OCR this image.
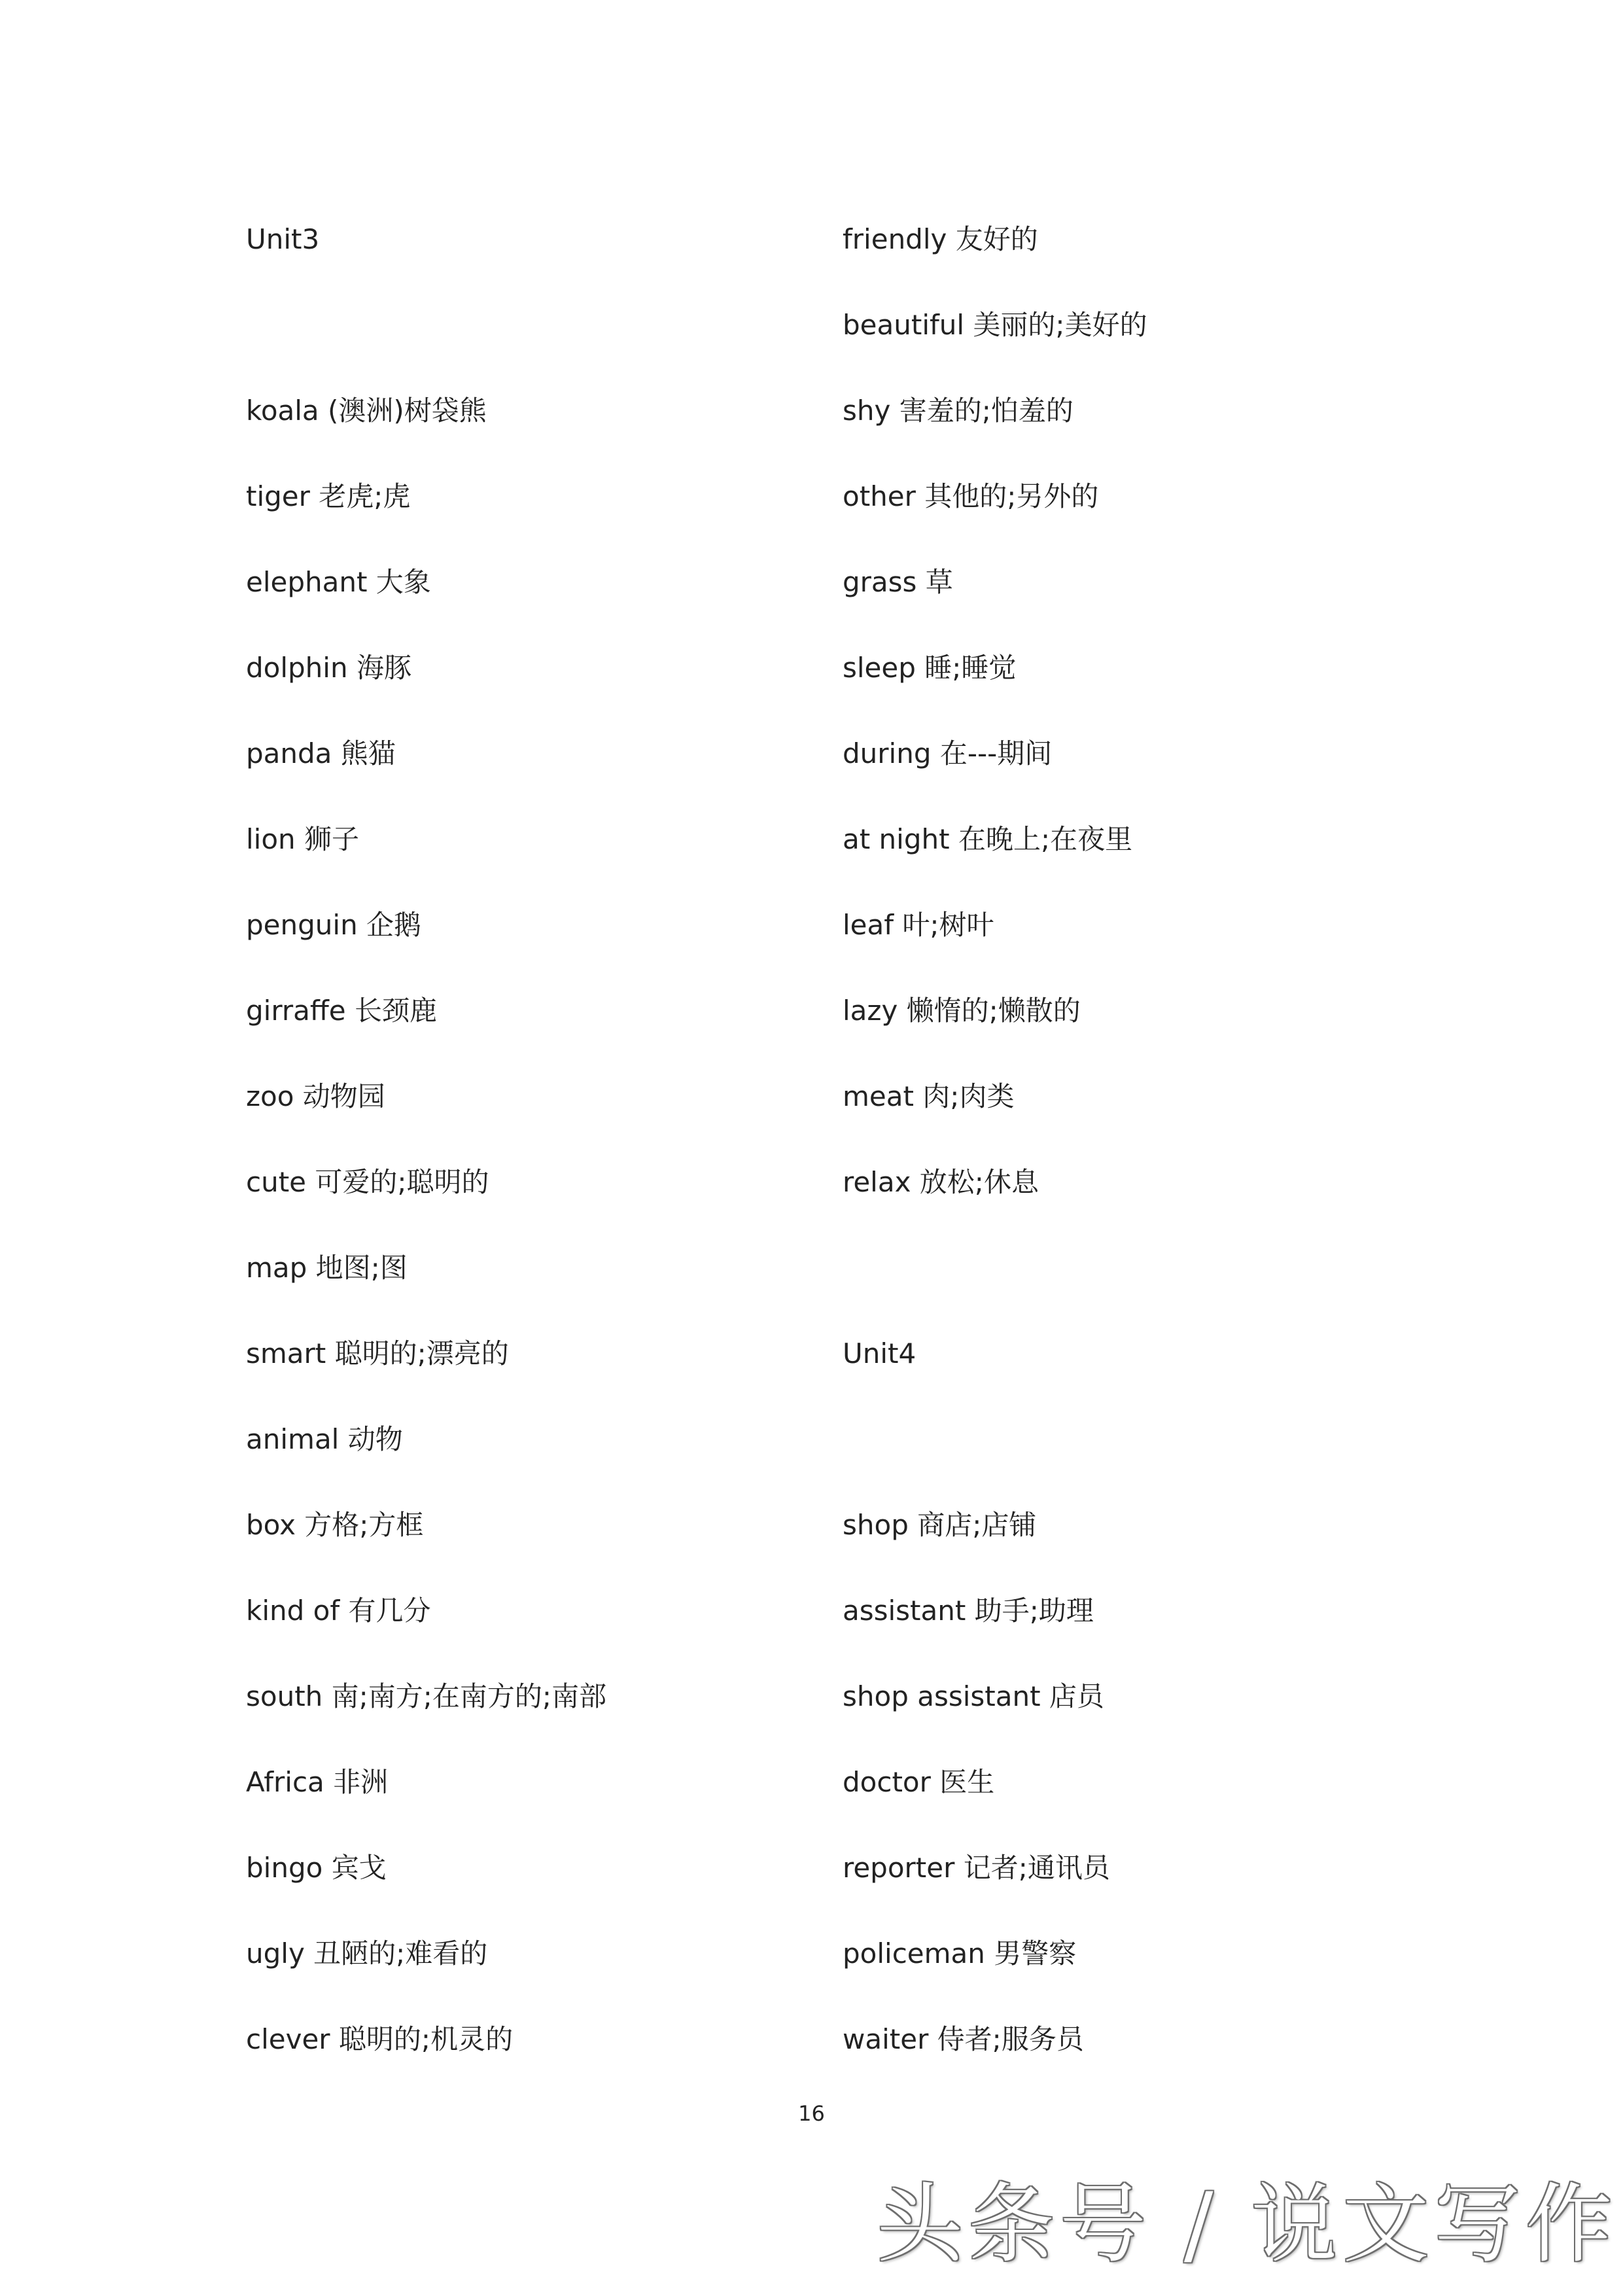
Unit3
koala (澳洲)树袋熊
tiger 老虎;虎
elephant 大象
dolphin 海豚
panda 熊猫
lion 狮子
penguin 企鹅
girraffe 长颈鹿
zoo 动物园
cute 可爱的;聪明的
map 地图;图
smart 聪明的;漂亮的
animal 动物
box 方格;方框
kind of 有几分
south 南;南方;在南方的;南部
Africa 非洲
bingo 宾戈
ugly 丑陋的;难看的
clever 聪明的;机灵的
friendly 友好的
beautiful 美丽的;美好的
shy 害羞的;怕羞的
other 其他的;另外的
grass 草
sleep 睡;睡觉
during 在---期间
at night 在晚上;在夜里
leaf 叶;树叶
lazy 懒惰的;懒散的
meat 肉;肉类
relax 放松;休息
Unit4
shop 商店;店铺
assistant 助手;助理
shop assistant 店员
doctor 医生
reporter 记者;通讯员
policeman 男警察
waiter 侍者;服务员
16
头条号 / 说文写作
